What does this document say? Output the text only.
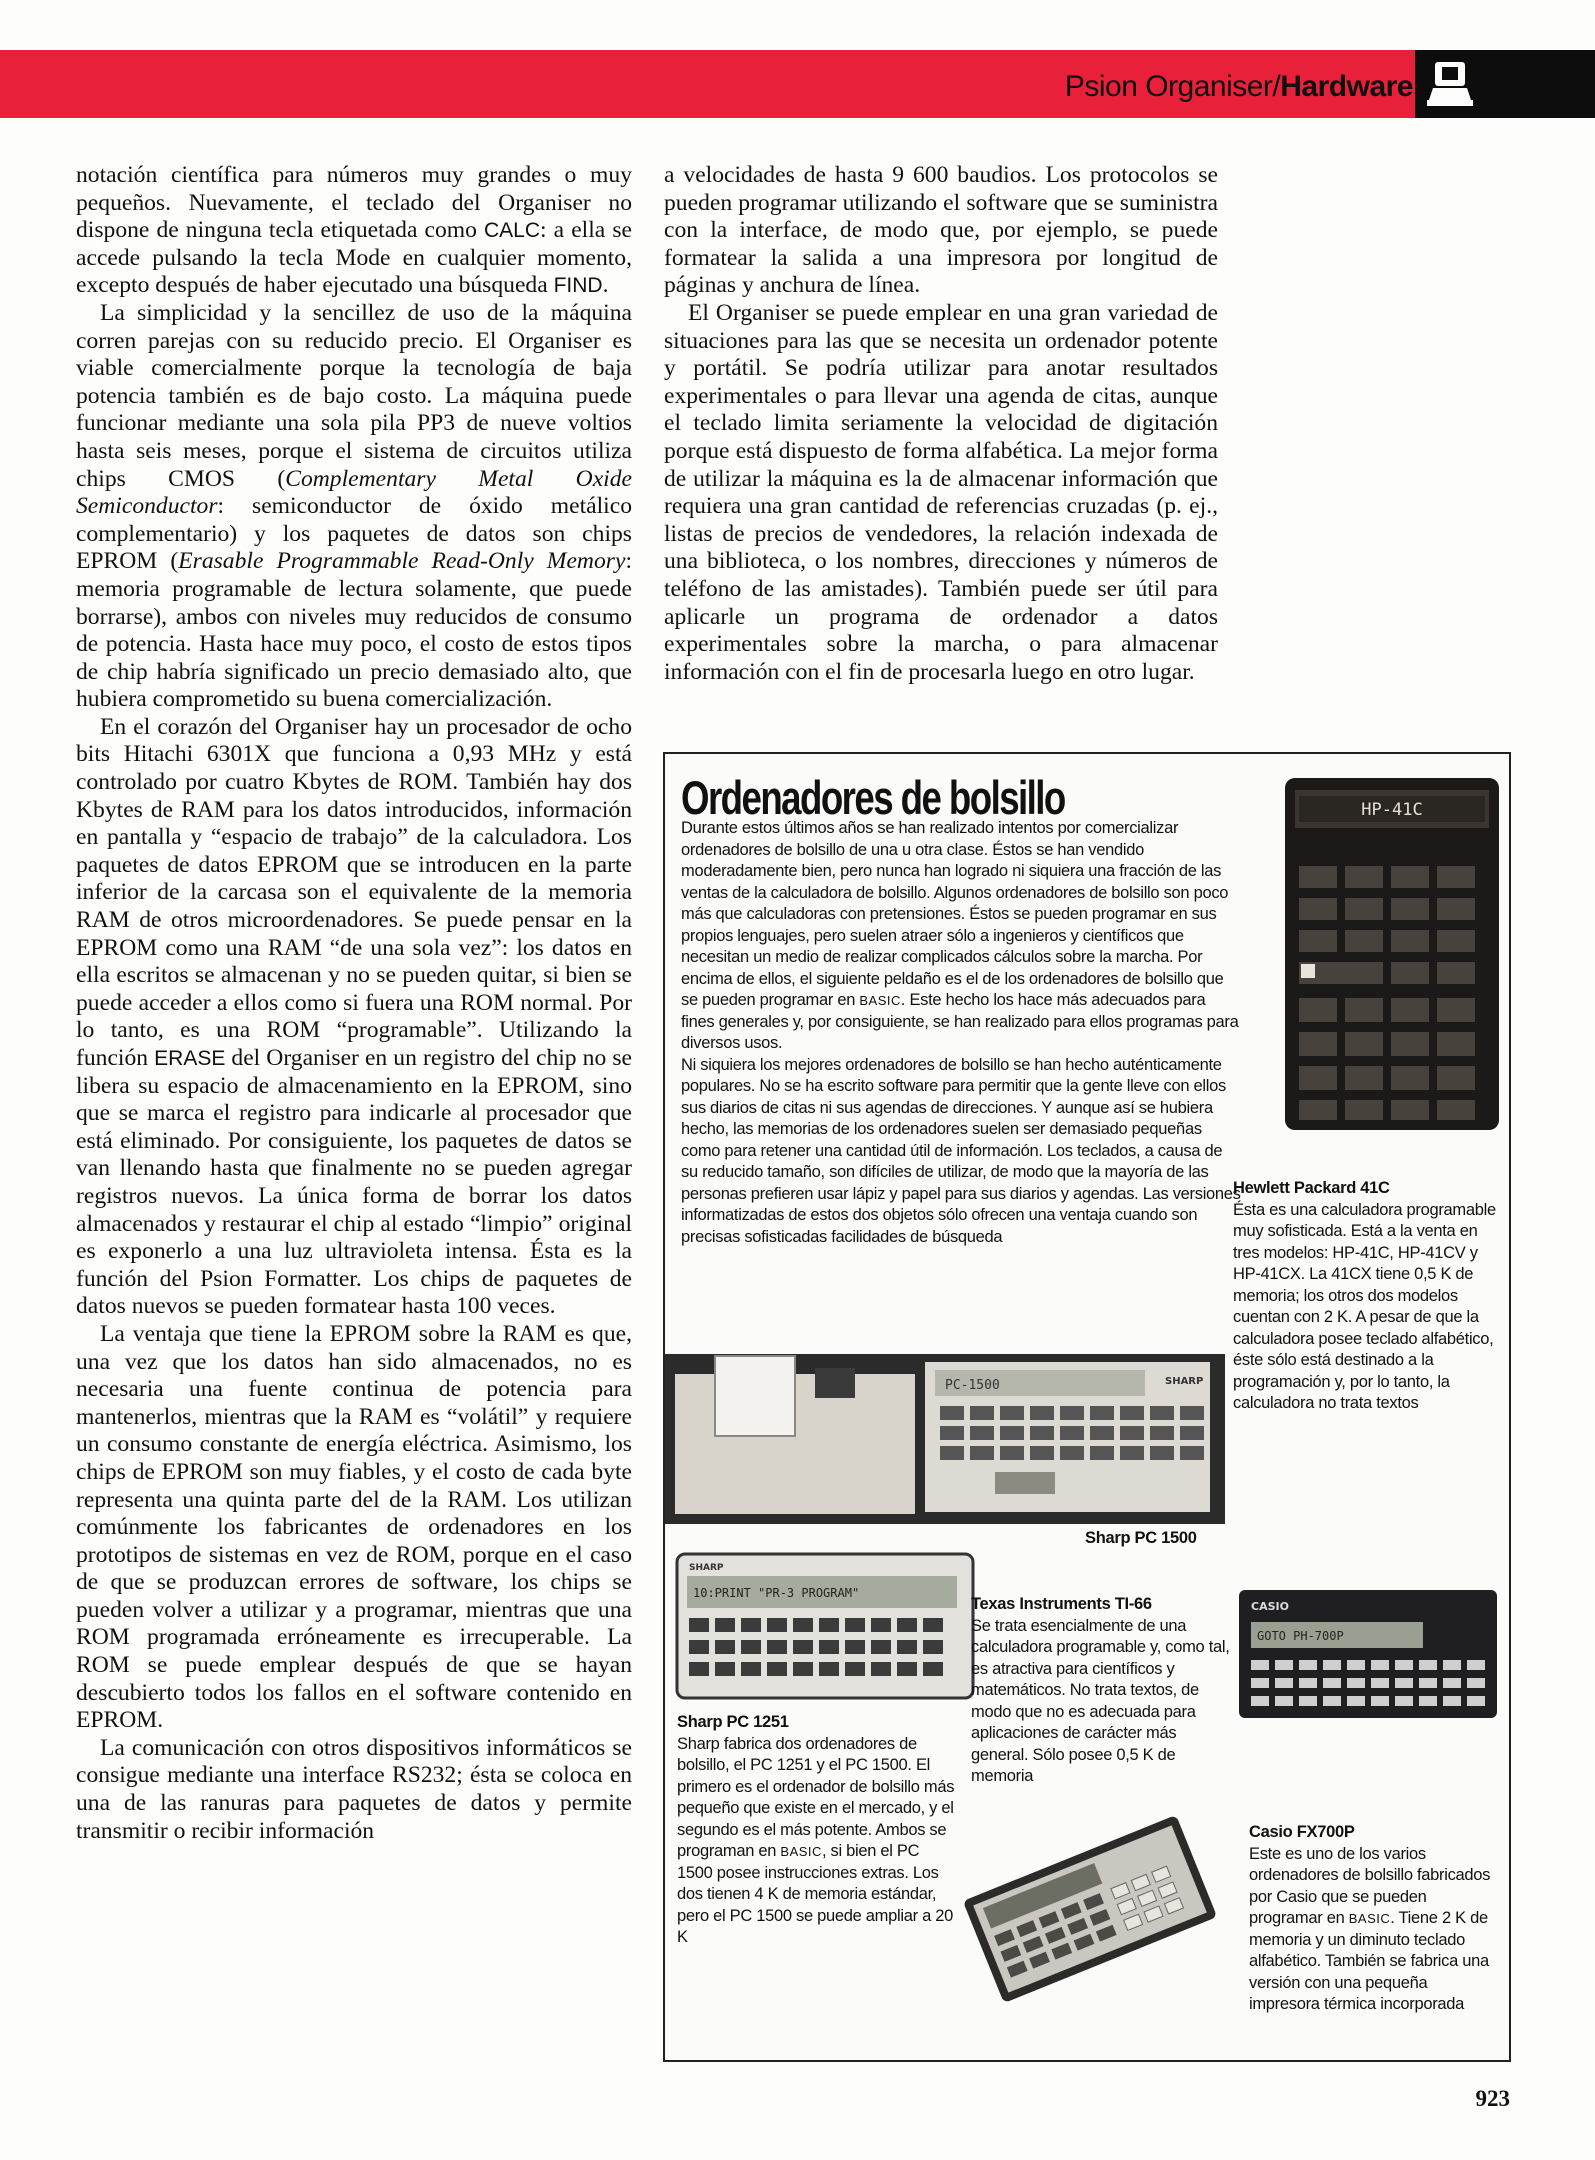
Psion Organiser/Hardware

notación científica para números muy grandes o muy pequeños. Nuevamente, el teclado del Organiser no dispone de ninguna tecla etiquetada como CALC: a ella se accede pulsando la tecla Mode en cualquier momento, excepto después de haber ejecutado una búsqueda FIND.

La simplicidad y la sencillez de uso de la máquina corren parejas con su reducido precio. El Organiser es viable comercialmente porque la tecnología de baja potencia también es de bajo costo. La máquina puede funcionar mediante una sola pila PP3 de nueve voltios hasta seis meses, porque el sistema de circuitos utiliza chips CMOS (Complementary Metal Oxide Semiconductor: semiconductor de óxido metálico complementario) y los paquetes de datos son chips EPROM (Erasable Programmable Read-Only Memory: memoria programable de lectura solamente, que puede borrarse), ambos con niveles muy reducidos de consumo de potencia. Hasta hace muy poco, el costo de estos tipos de chip habría significado un precio demasiado alto, que hubiera comprometido su buena comercialización.

En el corazón del Organiser hay un procesador de ocho bits Hitachi 6301X que funciona a 0,93 MHz y está controlado por cuatro Kbytes de ROM. También hay dos Kbytes de RAM para los datos introducidos, información en pantalla y “espacio de trabajo” de la calculadora. Los paquetes de datos EPROM que se introducen en la parte inferior de la carcasa son el equivalente de la memoria RAM de otros microordenadores. Se puede pensar en la EPROM como una RAM “de una sola vez”: los datos en ella escritos se almacenan y no se pueden quitar, si bien se puede acceder a ellos como si fuera una ROM normal. Por lo tanto, es una ROM “programable”. Utilizando la función ERASE del Organiser en un registro del chip no se libera su espacio de almacenamiento en la EPROM, sino que se marca el registro para indicarle al procesador que está eliminado. Por consiguiente, los paquetes de datos se van llenando hasta que finalmente no se pueden agregar registros nuevos. La única forma de borrar los datos almacenados y restaurar el chip al estado “limpio” original es exponerlo a una luz ultravioleta intensa. Ésta es la función del Psion Formatter. Los chips de paquetes de datos nuevos se pueden formatear hasta 100 veces.

La ventaja que tiene la EPROM sobre la RAM es que, una vez que los datos han sido almacenados, no es necesaria una fuente continua de potencia para mantenerlos, mientras que la RAM es “volátil” y requiere un consumo constante de energía eléctrica. Asimismo, los chips de EPROM son muy fiables, y el costo de cada byte representa una quinta parte del de la RAM. Los utilizan comúnmente los fabricantes de ordenadores en los prototipos de sistemas en vez de ROM, porque en el caso de que se produzcan errores de software, los chips se pueden volver a utilizar y a programar, mientras que una ROM programada erróneamente es irrecuperable. La ROM se puede emplear después de que se hayan descubierto todos los fallos en el software contenido en EPROM.

La comunicación con otros dispositivos informáticos se consigue mediante una interface RS232; ésta se coloca en una de las ranuras para paquetes de datos y permite transmitir o recibir información

a velocidades de hasta 9 600 baudios. Los protocolos se pueden programar utilizando el software que se suministra con la interface, de modo que, por ejemplo, se puede formatear la salida a una impresora por longitud de páginas y anchura de línea.

El Organiser se puede emplear en una gran variedad de situaciones para las que se necesita un ordenador potente y portátil. Se podría utilizar para anotar resultados experimentales o para llevar una agenda de citas, aunque el teclado limita seriamente la velocidad de digitación porque está dispuesto de forma alfabética. La mejor forma de utilizar la máquina es la de almacenar información que requiera una gran cantidad de referencias cruzadas (p. ej., listas de precios de vendedores, la relación indexada de una biblioteca, o los nombres, direcciones y números de teléfono de las amistades). También puede ser útil para aplicarle un programa de ordenador a datos experimentales sobre la marcha, o para almacenar información con el fin de procesarla luego en otro lugar.

Ordenadores de bolsillo

Durante estos últimos años se han realizado intentos por comercializar ordenadores de bolsillo de una u otra clase. Éstos se han vendido moderadamente bien, pero nunca han logrado ni siquiera una fracción de las ventas de la calculadora de bolsillo. Algunos ordenadores de bolsillo son poco más que calculadoras con pretensiones. Éstos se pueden programar en sus propios lenguajes, pero suelen atraer sólo a ingenieros y científicos que necesitan un medio de realizar complicados cálculos sobre la marcha. Por encima de ellos, el siguiente peldaño es el de los ordenadores de bolsillo que se pueden programar en BASIC. Este hecho los hace más adecuados para fines generales y, por consiguiente, se han realizado para ellos programas para diversos usos.

Ni siquiera los mejores ordenadores de bolsillo se han hecho auténticamente populares. No se ha escrito software para permitir que la gente lleve con ellos sus diarios de citas ni sus agendas de direcciones. Y aunque así se hubiera hecho, las memorias de los ordenadores suelen ser demasiado pequeñas como para retener una cantidad útil de información. Los teclados, a causa de su reducido tamaño, son difíciles de utilizar, de modo que la mayoría de las personas prefieren usar lápiz y papel para sus diarios y agendas. Las versiones informatizadas de estos dos objetos sólo ofrecen una ventaja cuando son precisas sofisticadas facilidades de búsqueda

HP-41C
Hewlett Packard 41C
Ésta es una calculadora programable muy sofisticada. Está a la venta en tres modelos: HP-41C, HP-41CV y HP-41CX. La 41CX tiene 0,5 K de memoria; los otros dos modelos cuentan con 2 K. A pesar de que la calculadora posee teclado alfabético, éste sólo está destinado a la programación y, por lo tanto, la calculadora no trata textos
PC-1500	SHARP
Sharp PC 1500
SHARP
10:PRINT "PR-3 PROGRAM"
Texas Instruments TI-66
Se trata esencialmente de una calculadora programable y, como tal, es atractiva para científicos y matemáticos. No trata textos, de modo que no es adecuada para aplicaciones de carácter más general. Sólo posee 0,5 K de memoria
CASIO
GOTO PH-700P
Sharp PC 1251
Sharp fabrica dos ordenadores de bolsillo, el PC 1251 y el PC 1500. El primero es el ordenador de bolsillo más pequeño que existe en el mercado, y el segundo es el más potente. Ambos se programan en BASIC, si bien el PC 1500 posee instrucciones extras. Los dos tienen 4 K de memoria estándar, pero el PC 1500 se puede ampliar a 20 K
Casio FX700P
Este es uno de los varios ordenadores de bolsillo fabricados por Casio que se pueden programar en BASIC. Tiene 2 K de memoria y un diminuto teclado alfabético. También se fabrica una versión con una pequeña impresora térmica incorporada
923
